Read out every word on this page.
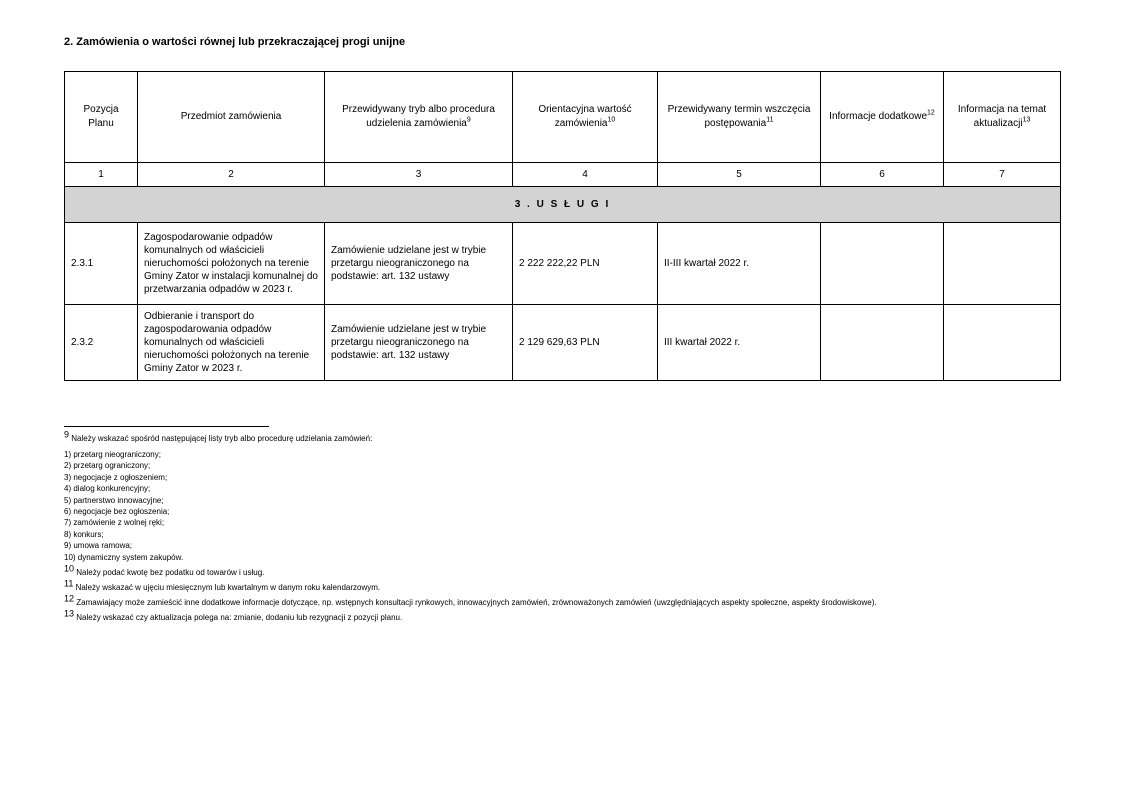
2. Zamówienia o wartości równej lub przekraczającej progi unijne
Pozycja Planu	Przedmiot zamówienia	Przewidywany tryb albo procedura udzielenia zamówienia$^9$	Orientacyjna wartość zamówienia$^{10}$	Przewidywany termin wszczęcia postępowania$^{11}$	Informacje dodatkowe$^{12}$	Informacja na temat aktualizacji$^{13}$
1	2	3	4	5	6	7
3 . U S Ł U G I						
2.3.1	Zagospodarowanie odpadów komunalnych od właścicieli nieruchomości położonych na terenie Gminy Zator w instalacji komunalnej do przetwarzania odpadów w 2023 r.	Zamówienie udzielane jest w trybie przetargu nieograniczonego na podstawie: art. 132 ustawy	2 222 222,22 PLN	II-III kwartał 2022 r.		
2.3.2	Odbieranie i transport do zagospodarowania odpadów komunalnych od właścicieli nieruchomości położonych na terenie Gminy Zator w 2023 r.	Zamówienie udzielane jest w trybie przetargu nieograniczonego na podstawie: art. 132 ustawy	2 129 629,63 PLN	III kwartał 2022 r.		
$^9$ Należy wskazać spośród następującej listy tryb albo procedurę udzielania zamówień:
1) przetarg nieograniczony;
2) przetarg ograniczony;
3) negocjacje z ogłoszeniem;
4) dialog konkurencyjny;
5) partnerstwo innowacyjne;
6) negocjacje bez ogłoszenia;
7) zamówienie z wolnej ręki;
8) konkurs;
9) umowa ramowa;
10) dynamiczny system zakupów.
$^{10}$ Należy podać kwotę bez podatku od towarów i usług.
$^{11}$ Należy wskazać w ujęciu miesięcznym lub kwartalnym w danym roku kalendarzowym.
$^{12}$ Zamawiający może zamieścić inne dodatkowe informacje dotyczące, np. wstępnych konsultacji rynkowych, innowacyjnych zamówień, zrównoważonych zamówień (uwzględniających aspekty społeczne, aspekty środowiskowe).
$^{13}$ Należy wskazać czy aktualizacja polega na: zmianie, dodaniu lub rezygnacji z pozycji planu.
